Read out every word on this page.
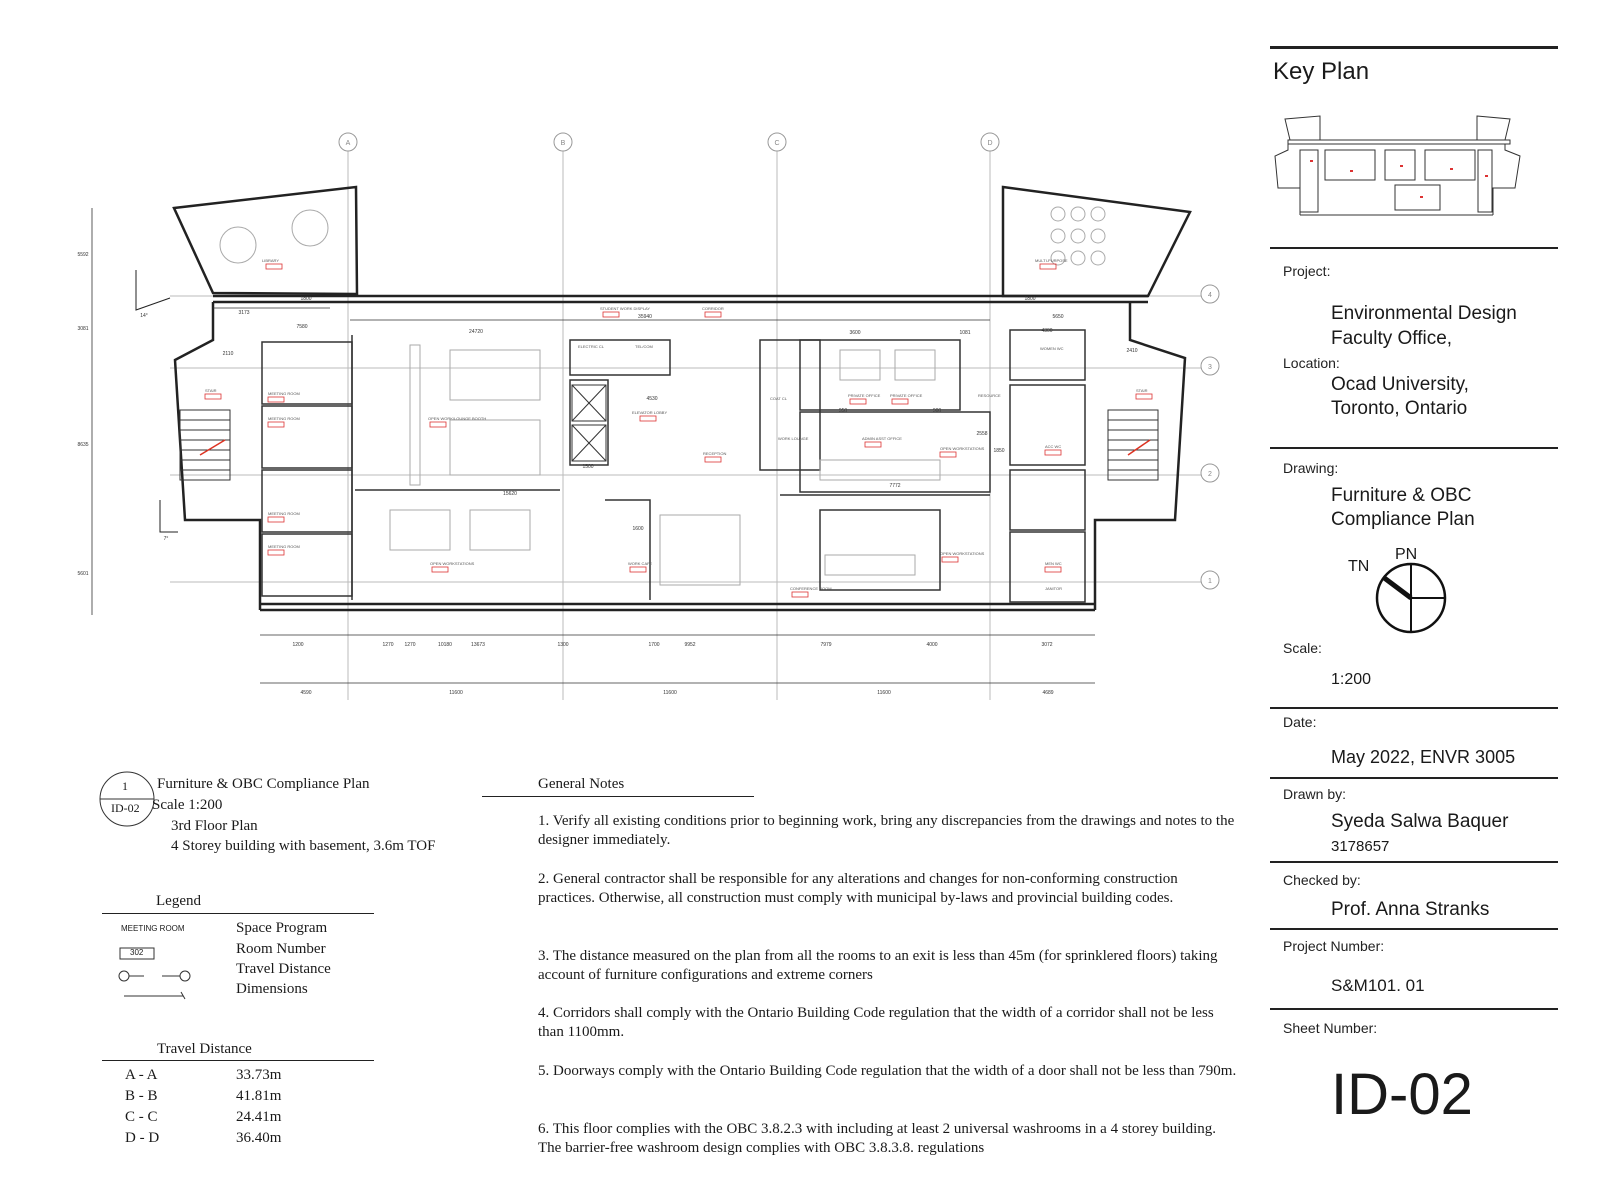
A	B	C	D
4
3
2
1
LIBRARY	MULTI-PURPOSE
STUDENT WORK DISPLAY	CORRIDOR
MEETING ROOM
MEETING ROOM
MEETING ROOM
MEETING ROOM
STAIR	STAIR
OPEN WORK/LOUNGE BOOTH
ELECTRIC CL	TEL/COM
ELEVATOR LOBBY
RECEPTION
COAT CL
WORK LOUNGE
PRIVATE OFFICE PRIVATE OFFICE
ADMIN ASST OFFICE
OPEN WORKSTATIONS
OPEN WORKSTATIONS
OPEN WORKSTATIONS
RESOURCE
WOMEN WC
ACC WC
MEN WC
JANITOR
WORK CAFE
CONFERENCE ROOM
1200	1270 1270	10180	13673	1300	1700	9952	7979	4000	3072
4590	11600	11600	11600	4689
3173
7580
24720
35940
1800	1800
5650
4300
3600	1081
15620
4530
7772
2558
1850
1500
950	900
1600
5592
3081
8635
5601
2110	2410
14°
7°
Key Plan
Project:
Environmental Design
Faculty Office,
Location:
Ocad University,
Toronto, Ontario
Drawing:
Furniture & OBC
Compliance Plan
PN
TN
Scale:
1:200
Date:
May 2022, ENVR 3005
Drawn by:
Syeda Salwa Baquer
3178657
Checked by:
Prof. Anna Stranks
Project Number:
S&M101. 01
Sheet Number:
ID-02
1
ID-02
Furniture & OBC Compliance Plan
Scale 1:200
3rd Floor Plan
4 Storey building with basement, 3.6m TOF
Legend
MEETING ROOM
302
Space Program
Room Number
Travel Distance
Dimensions
Travel Distance
A - A	33.73m
B - B	41.81m
C - C	24.41m
D - D	36.40m
General Notes
1. Verify all existing conditions prior to beginning work, bring any discrepancies from the drawings and notes to the designer immediately.
2. General contractor shall be responsible for any alterations and changes for non-conforming construction practices. Otherwise, all construction must comply with municipal by-laws and provincial building codes.
3. The distance measured on the plan from all the rooms to an exit is less than 45m (for sprinklered floors) taking account of furniture configurations and extreme corners
4. Corridors shall comply with the Ontario Building Code regulation that the width of a corridor shall not be less than 1100mm.
5. Doorways comply with the Ontario Building Code regulation that the width of a door shall not be less than 790m.
6. This floor complies with the OBC 3.8.2.3 with including at least 2 universal washrooms in a 4 storey building. The barrier-free washroom design complies with OBC 3.8.3.8. regulations
